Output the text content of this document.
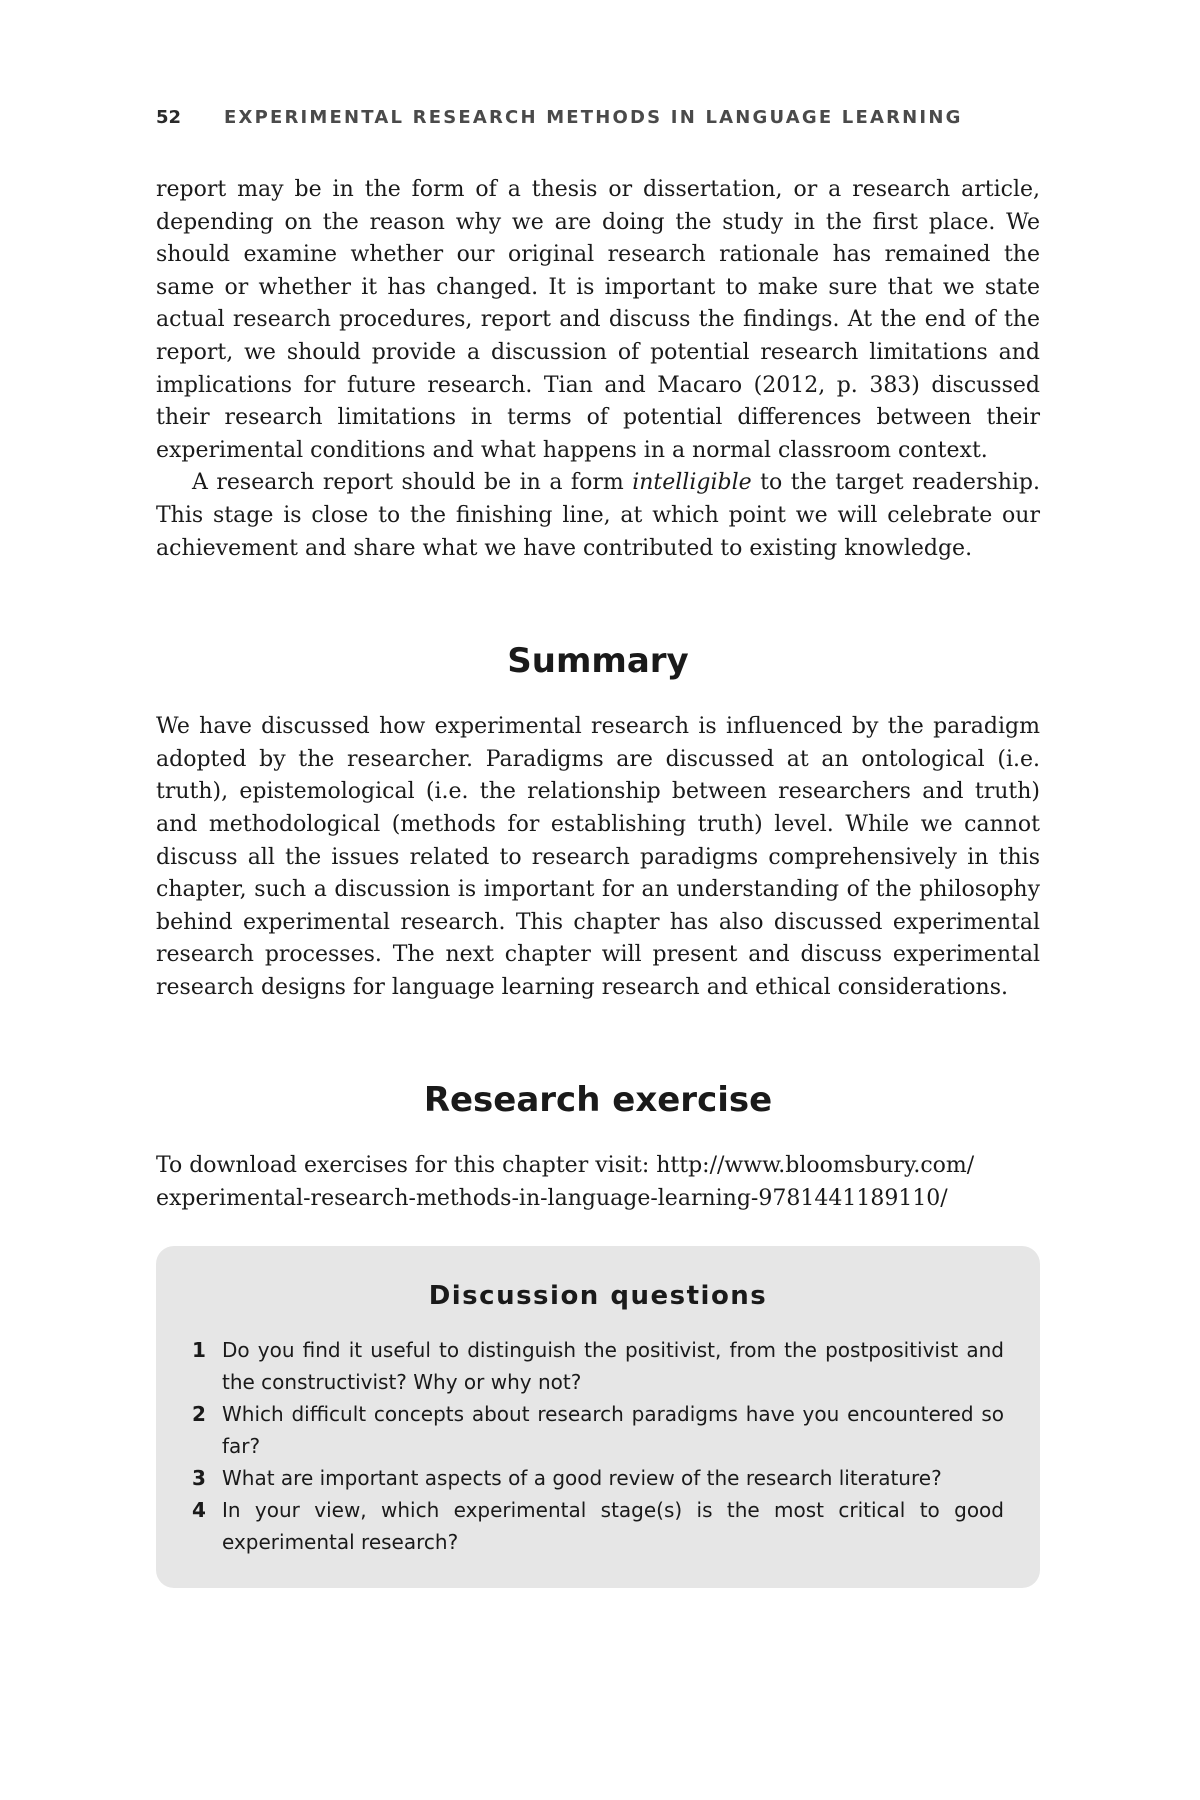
52 EXPERIMENTAL RESEARCH METHODS IN LANGUAGE LEARNING

report may be in the form of a thesis or dissertation, or a research article, depending on the reason why we are doing the study in the first place. We should examine whether our original research rationale has remained the same or whether it has changed. It is important to make sure that we state actual research procedures, report and discuss the findings. At the end of the report, we should provide a discussion of potential research limitations and implications for future research. Tian and Macaro (2012, p. 383) discussed their research limitations in terms of potential differences between their experimental conditions and what happens in a normal classroom context.

A research report should be in a form intelligible to the target readership. This stage is close to the finishing line, at which point we will celebrate our achievement and share what we have contributed to existing knowledge.

Summary

We have discussed how experimental research is influenced by the paradigm adopted by the researcher. Paradigms are discussed at an ontological (i.e. truth), epistemological (i.e. the relationship between researchers and truth) and methodological (methods for establishing truth) level. While we cannot discuss all the issues related to research paradigms comprehensively in this chapter, such a discussion is important for an understanding of the philosophy behind experimental research. This chapter has also discussed experimental research processes. The next chapter will present and discuss experimental research designs for language learning research and ethical considerations.

Research exercise

To download exercises for this chapter visit: http://www.bloomsbury.com/
experimental-research-methods-in-language-learning-9781441189110/

Discussion questions
1 Do you find it useful to distinguish the positivist, from the postpositivist and the constructivist? Why or why not?
2 Which difficult concepts about research paradigms have you encountered so far?
3 What are important aspects of a good review of the research literature?
4 In your view, which experimental stage(s) is the most critical to good experimental research?
